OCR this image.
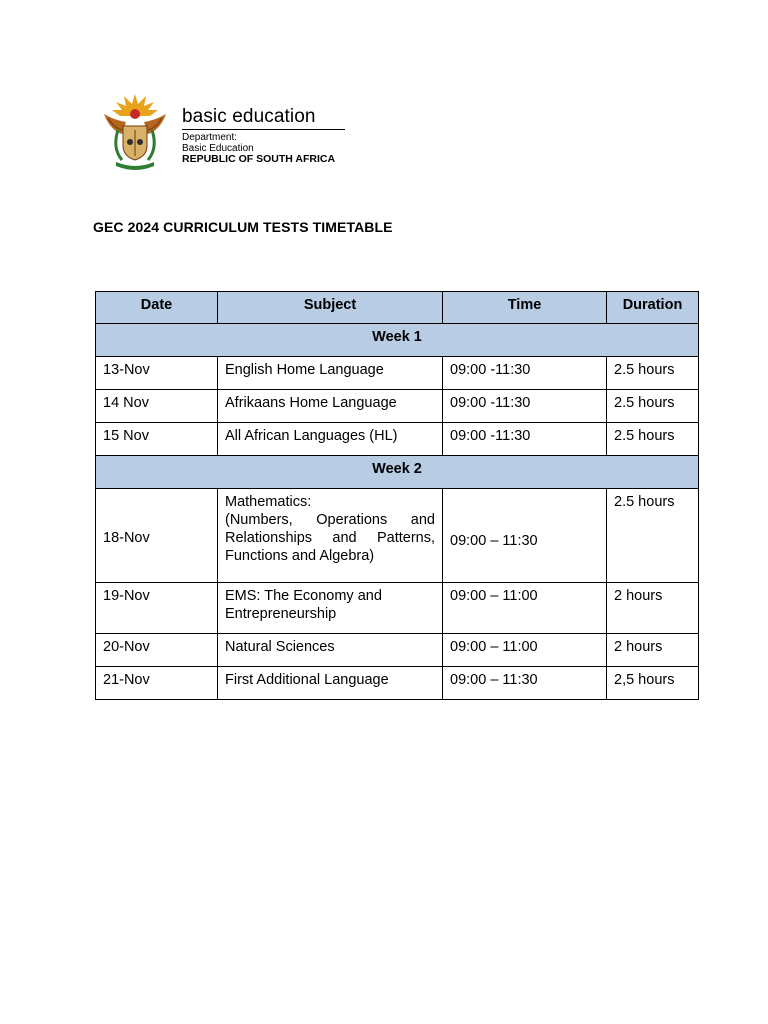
basic education
Department:
Basic Education
REPUBLIC OF SOUTH AFRICA
GEC 2024 CURRICULUM TESTS TIMETABLE
Date	Subject	Time	Duration
Week 1			
13-Nov	English Home Language	09:00 -11:30	2.5 hours
14 Nov	Afrikaans Home Language	09:00 -11:30	2.5 hours
15 Nov	All African Languages (HL)	09:00 -11:30	2.5 hours
Week 2			
18-Nov	Mathematics:
(Numbers, Operations and
Relationships and Patterns,
Functions and Algebra)	09:00 – 11:30	2.5 hours
19-Nov	EMS: The Economy and
Entrepreneurship	09:00 – 11:00	2 hours
20-Nov	Natural Sciences	09:00 – 11:00	2 hours
21-Nov	First Additional Language	09:00 – 11:30	2,5 hours
